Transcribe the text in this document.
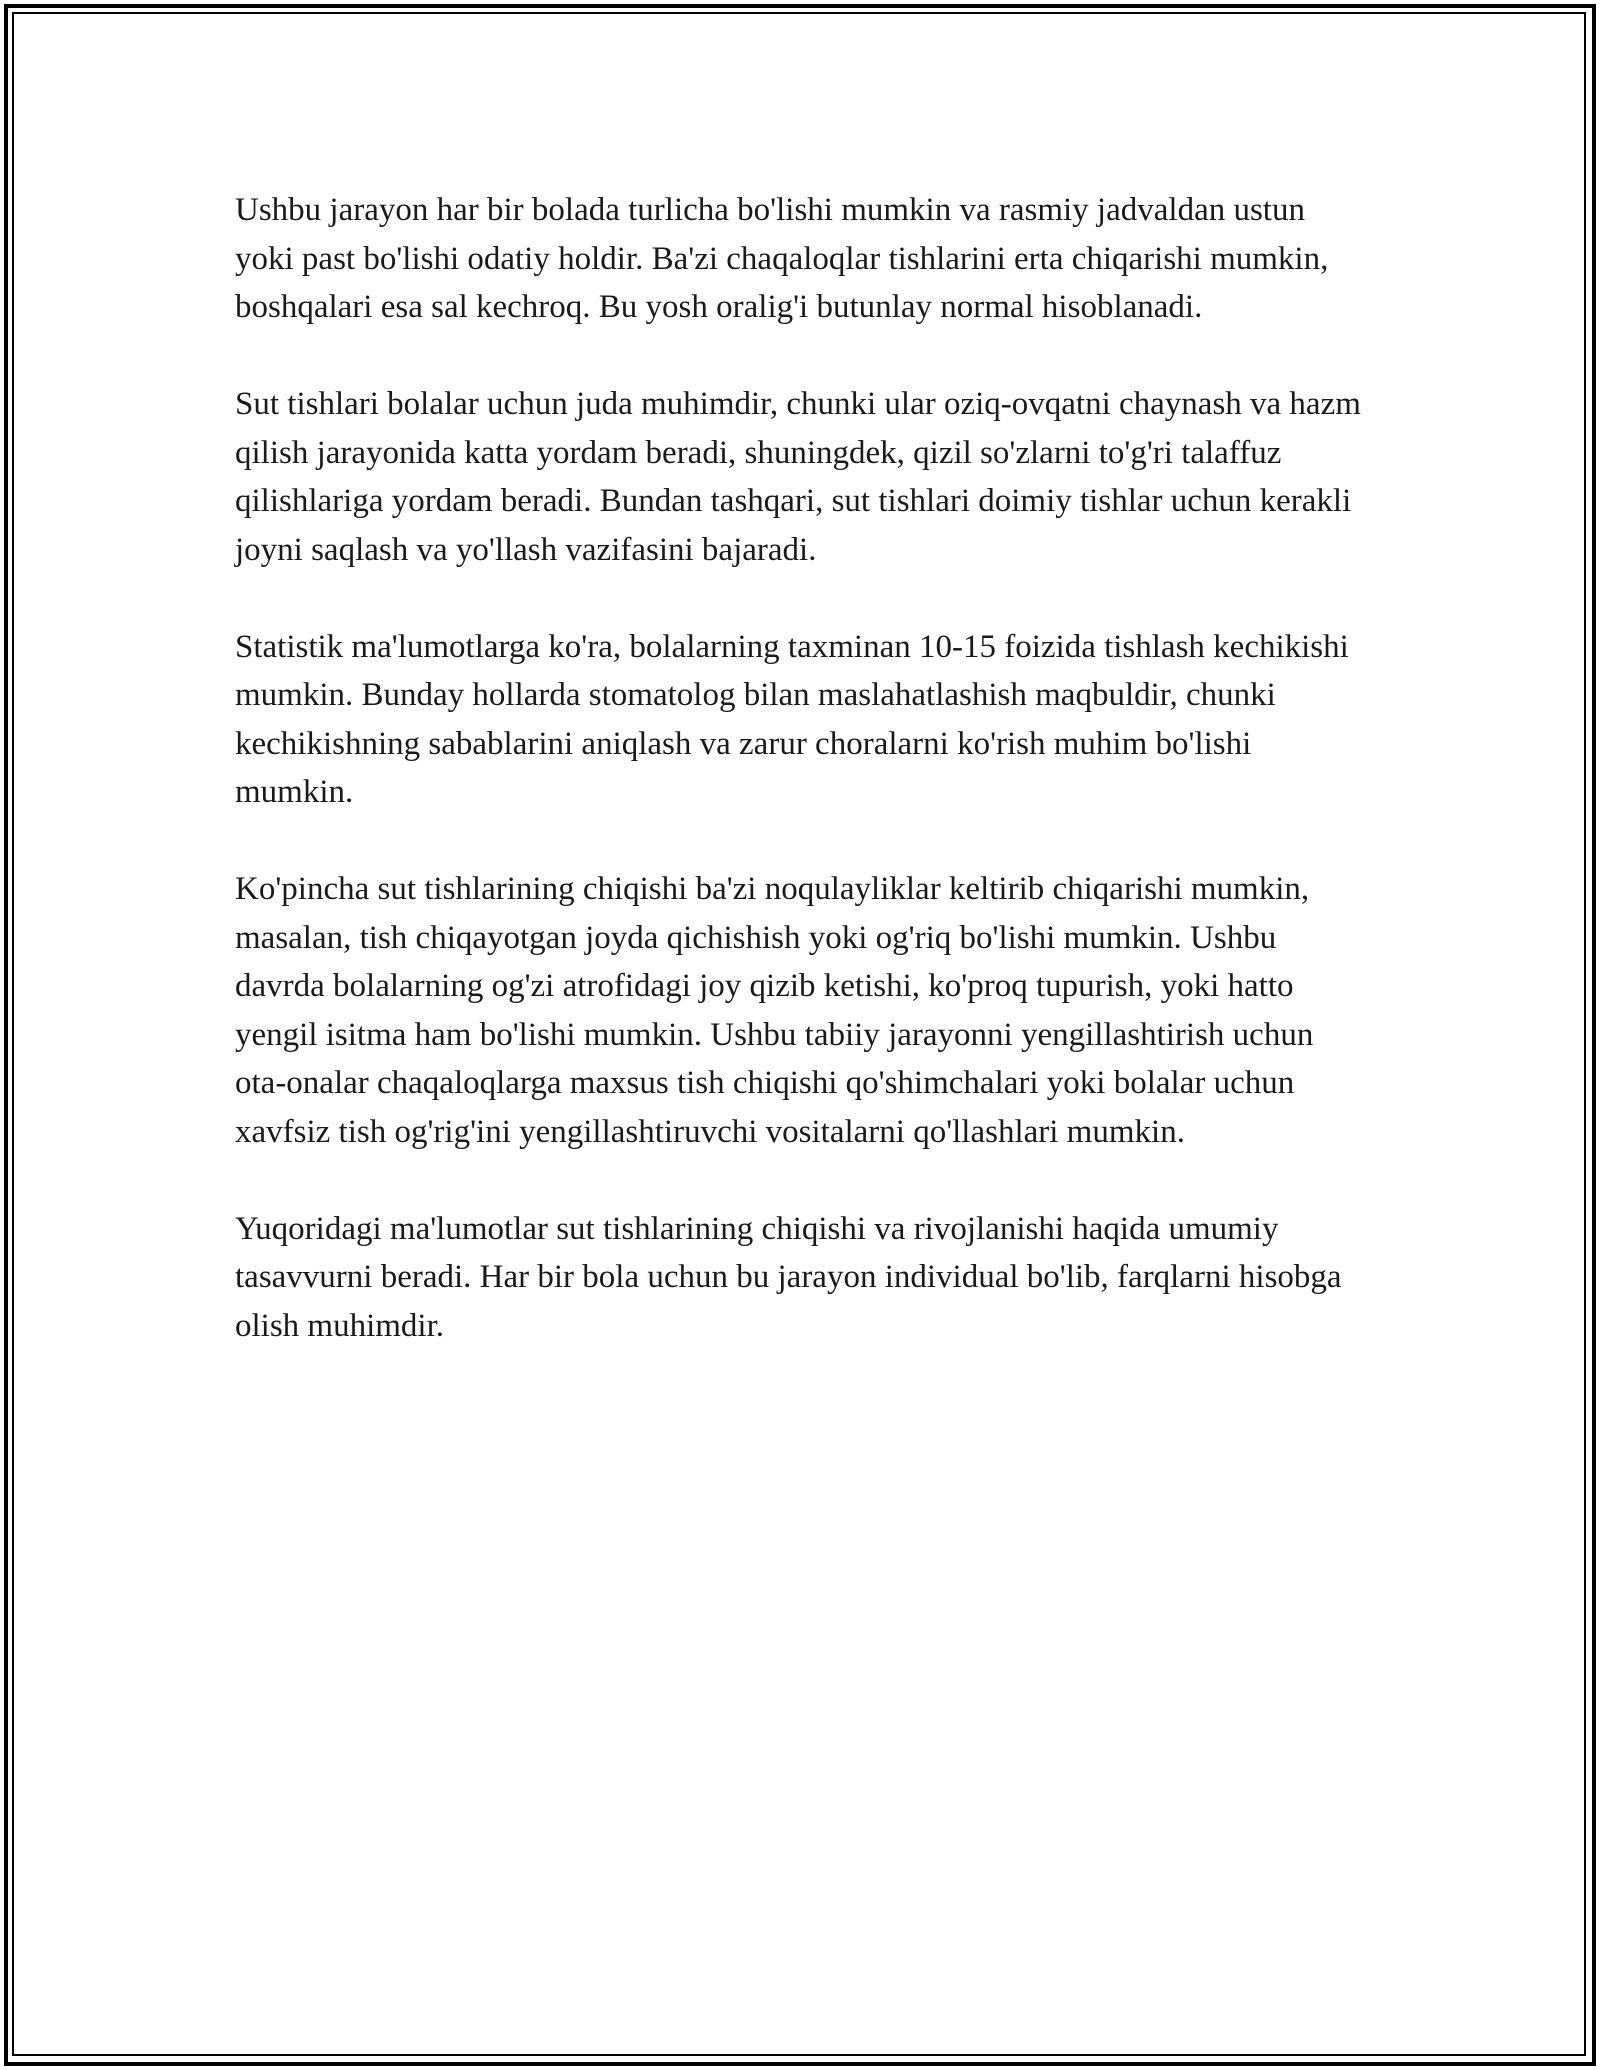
Ushbu jarayon har bir bolada turlicha bo'lishi mumkin va rasmiy jadvaldan ustun yoki past bo'lishi odatiy holdir. Ba'zi chaqaloqlar tishlarini erta chiqarishi mumkin, boshqalari esa sal kechroq. Bu yosh oralig'i butunlay normal hisoblanadi.

Sut tishlari bolalar uchun juda muhimdir, chunki ular oziq-ovqatni chaynash va hazm qilish jarayonida katta yordam beradi, shuningdek, qizil so'zlarni to'g'ri talaffuz qilishlariga yordam beradi. Bundan tashqari, sut tishlari doimiy tishlar uchun kerakli joyni saqlash va yo'llash vazifasini bajaradi.

Statistik ma'lumotlarga ko'ra, bolalarning taxminan 10-15 foizida tishlash kechikishi mumkin. Bunday hollarda stomatolog bilan maslahatlashish maqbuldir, chunki kechikishning sabablarini aniqlash va zarur choralarni ko'rish muhim bo'lishi mumkin.

Ko'pincha sut tishlarining chiqishi ba'zi noqulayliklar keltirib chiqarishi mumkin, masalan, tish chiqayotgan joyda qichishish yoki og'riq bo'lishi mumkin. Ushbu davrda bolalarning og'zi atrofidagi joy qizib ketishi, ko'proq tupurish, yoki hatto yengil isitma ham bo'lishi mumkin. Ushbu tabiiy jarayonni yengillashtirish uchun ota-onalar chaqaloqlarga maxsus tish chiqishi qo'shimchalari yoki bolalar uchun xavfsiz tish og'rig'ini yengillashtiruvchi vositalarni qo'llashlari mumkin.

Yuqoridagi ma'lumotlar sut tishlarining chiqishi va rivojlanishi haqida umumiy tasavvurni beradi. Har bir bola uchun bu jarayon individual bo'lib, farqlarni hisobga olish muhimdir.
